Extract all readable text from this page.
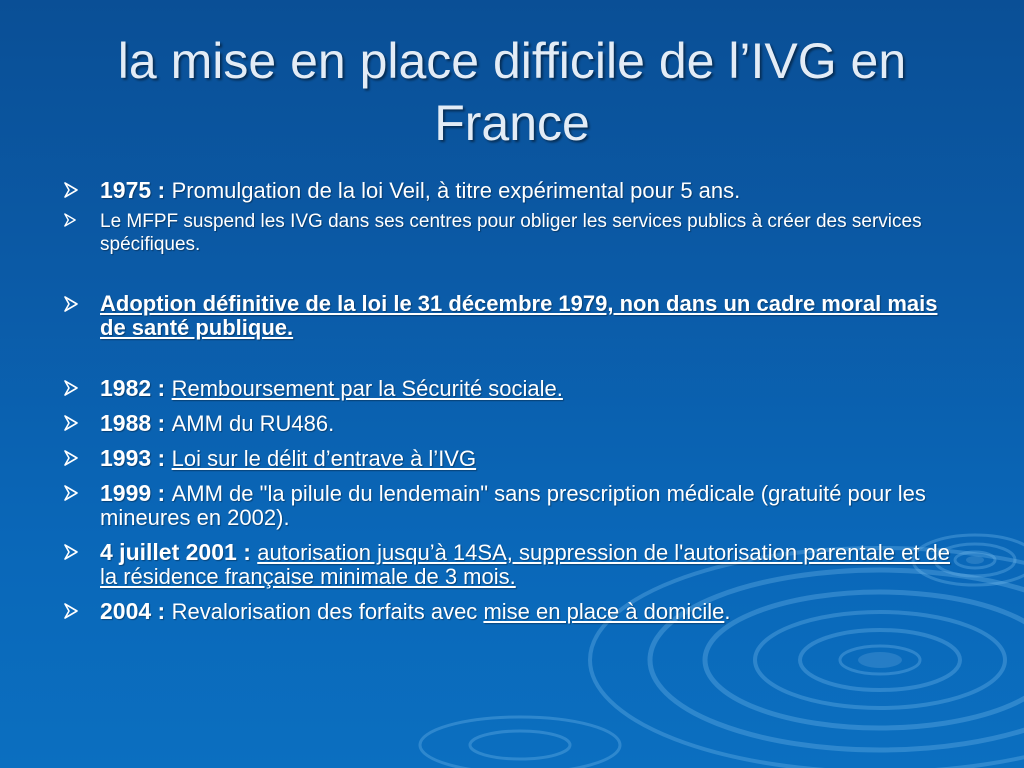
la mise en place difficile de l’IVG en France
1975 : Promulgation de la loi Veil, à titre expérimental pour 5 ans.
Le MFPF suspend les IVG dans ses centres pour obliger les services publics à créer des services spécifiques.
Adoption définitive de la loi le 31 décembre 1979, non dans un cadre moral mais de santé publique.
1982 : Remboursement par la Sécurité sociale.
1988 : AMM du RU486.
1993 : Loi sur le délit d’entrave à l’IVG
1999 : AMM de "la pilule du lendemain" sans prescription médicale (gratuité pour les mineures en 2002).
4 juillet 2001 : autorisation jusqu’à 14SA, suppression de l'autorisation parentale et de la résidence française minimale de 3 mois.
2004 : Revalorisation des forfaits avec mise en place à domicile.
